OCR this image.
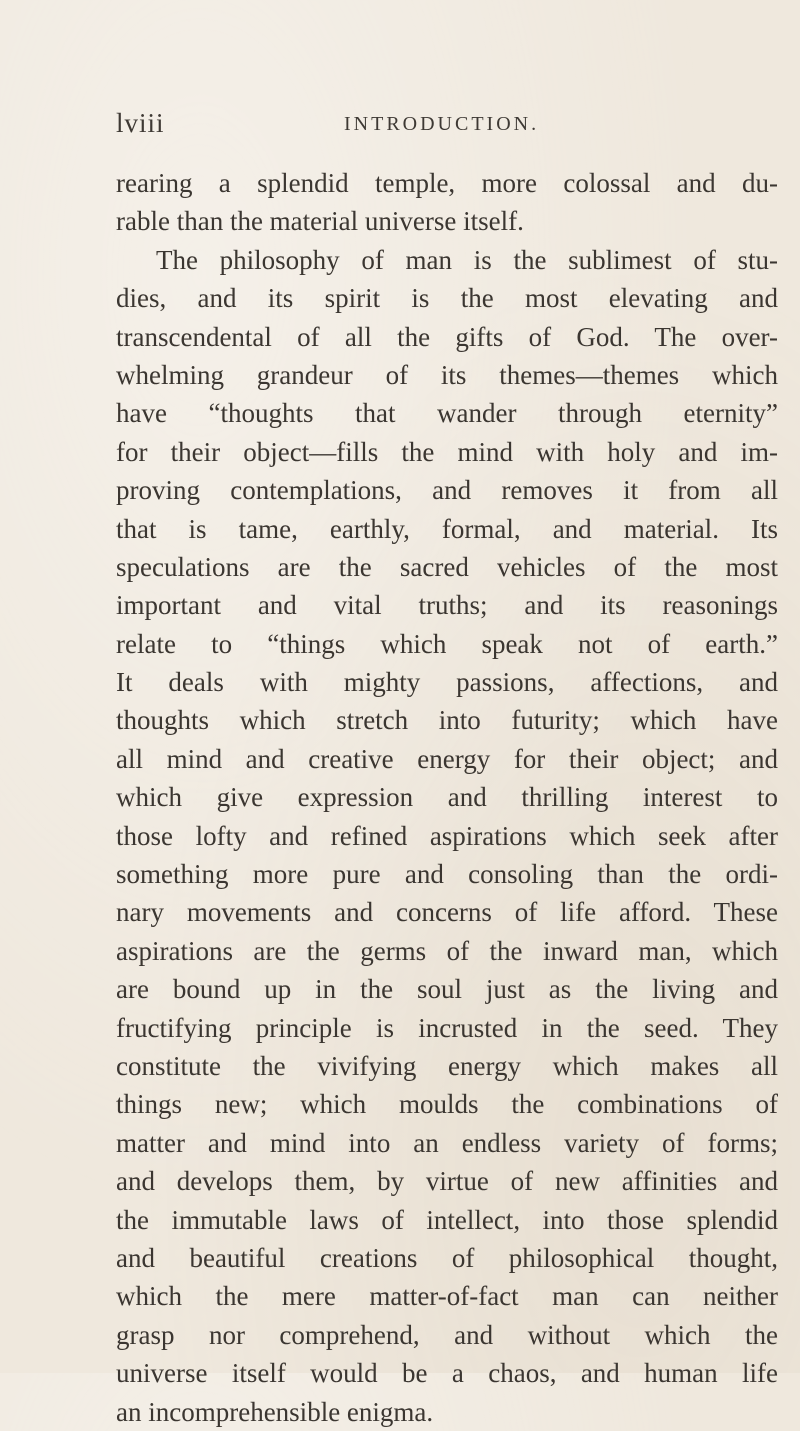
lviii	INTRODUCTION.
rearing a splendid temple, more colossal and du-
rable than the material universe itself.
The philosophy of man is the sublimest of stu-
dies, and its spirit is the most elevating and
transcendental of all the gifts of God. The over-
whelming grandeur of its themes—themes which
have “thoughts that wander through eternity”
for their object—fills the mind with holy and im-
proving contemplations, and removes it from all
that is tame, earthly, formal, and material. Its
speculations are the sacred vehicles of the most
important and vital truths; and its reasonings
relate to “things which speak not of earth.”
It deals with mighty passions, affections, and
thoughts which stretch into futurity; which have
all mind and creative energy for their object; and
which give expression and thrilling interest to
those lofty and refined aspirations which seek after
something more pure and consoling than the ordi-
nary movements and concerns of life afford. These
aspirations are the germs of the inward man, which
are bound up in the soul just as the living and
fructifying principle is incrusted in the seed. They
constitute the vivifying energy which makes all
things new; which moulds the combinations of
matter and mind into an endless variety of forms;
and develops them, by virtue of new affinities and
the immutable laws of intellect, into those splendid
and beautiful creations of philosophical thought,
which the mere matter-of-fact man can neither
grasp nor comprehend, and without which the
universe itself would be a chaos, and human life
an incomprehensible enigma.
